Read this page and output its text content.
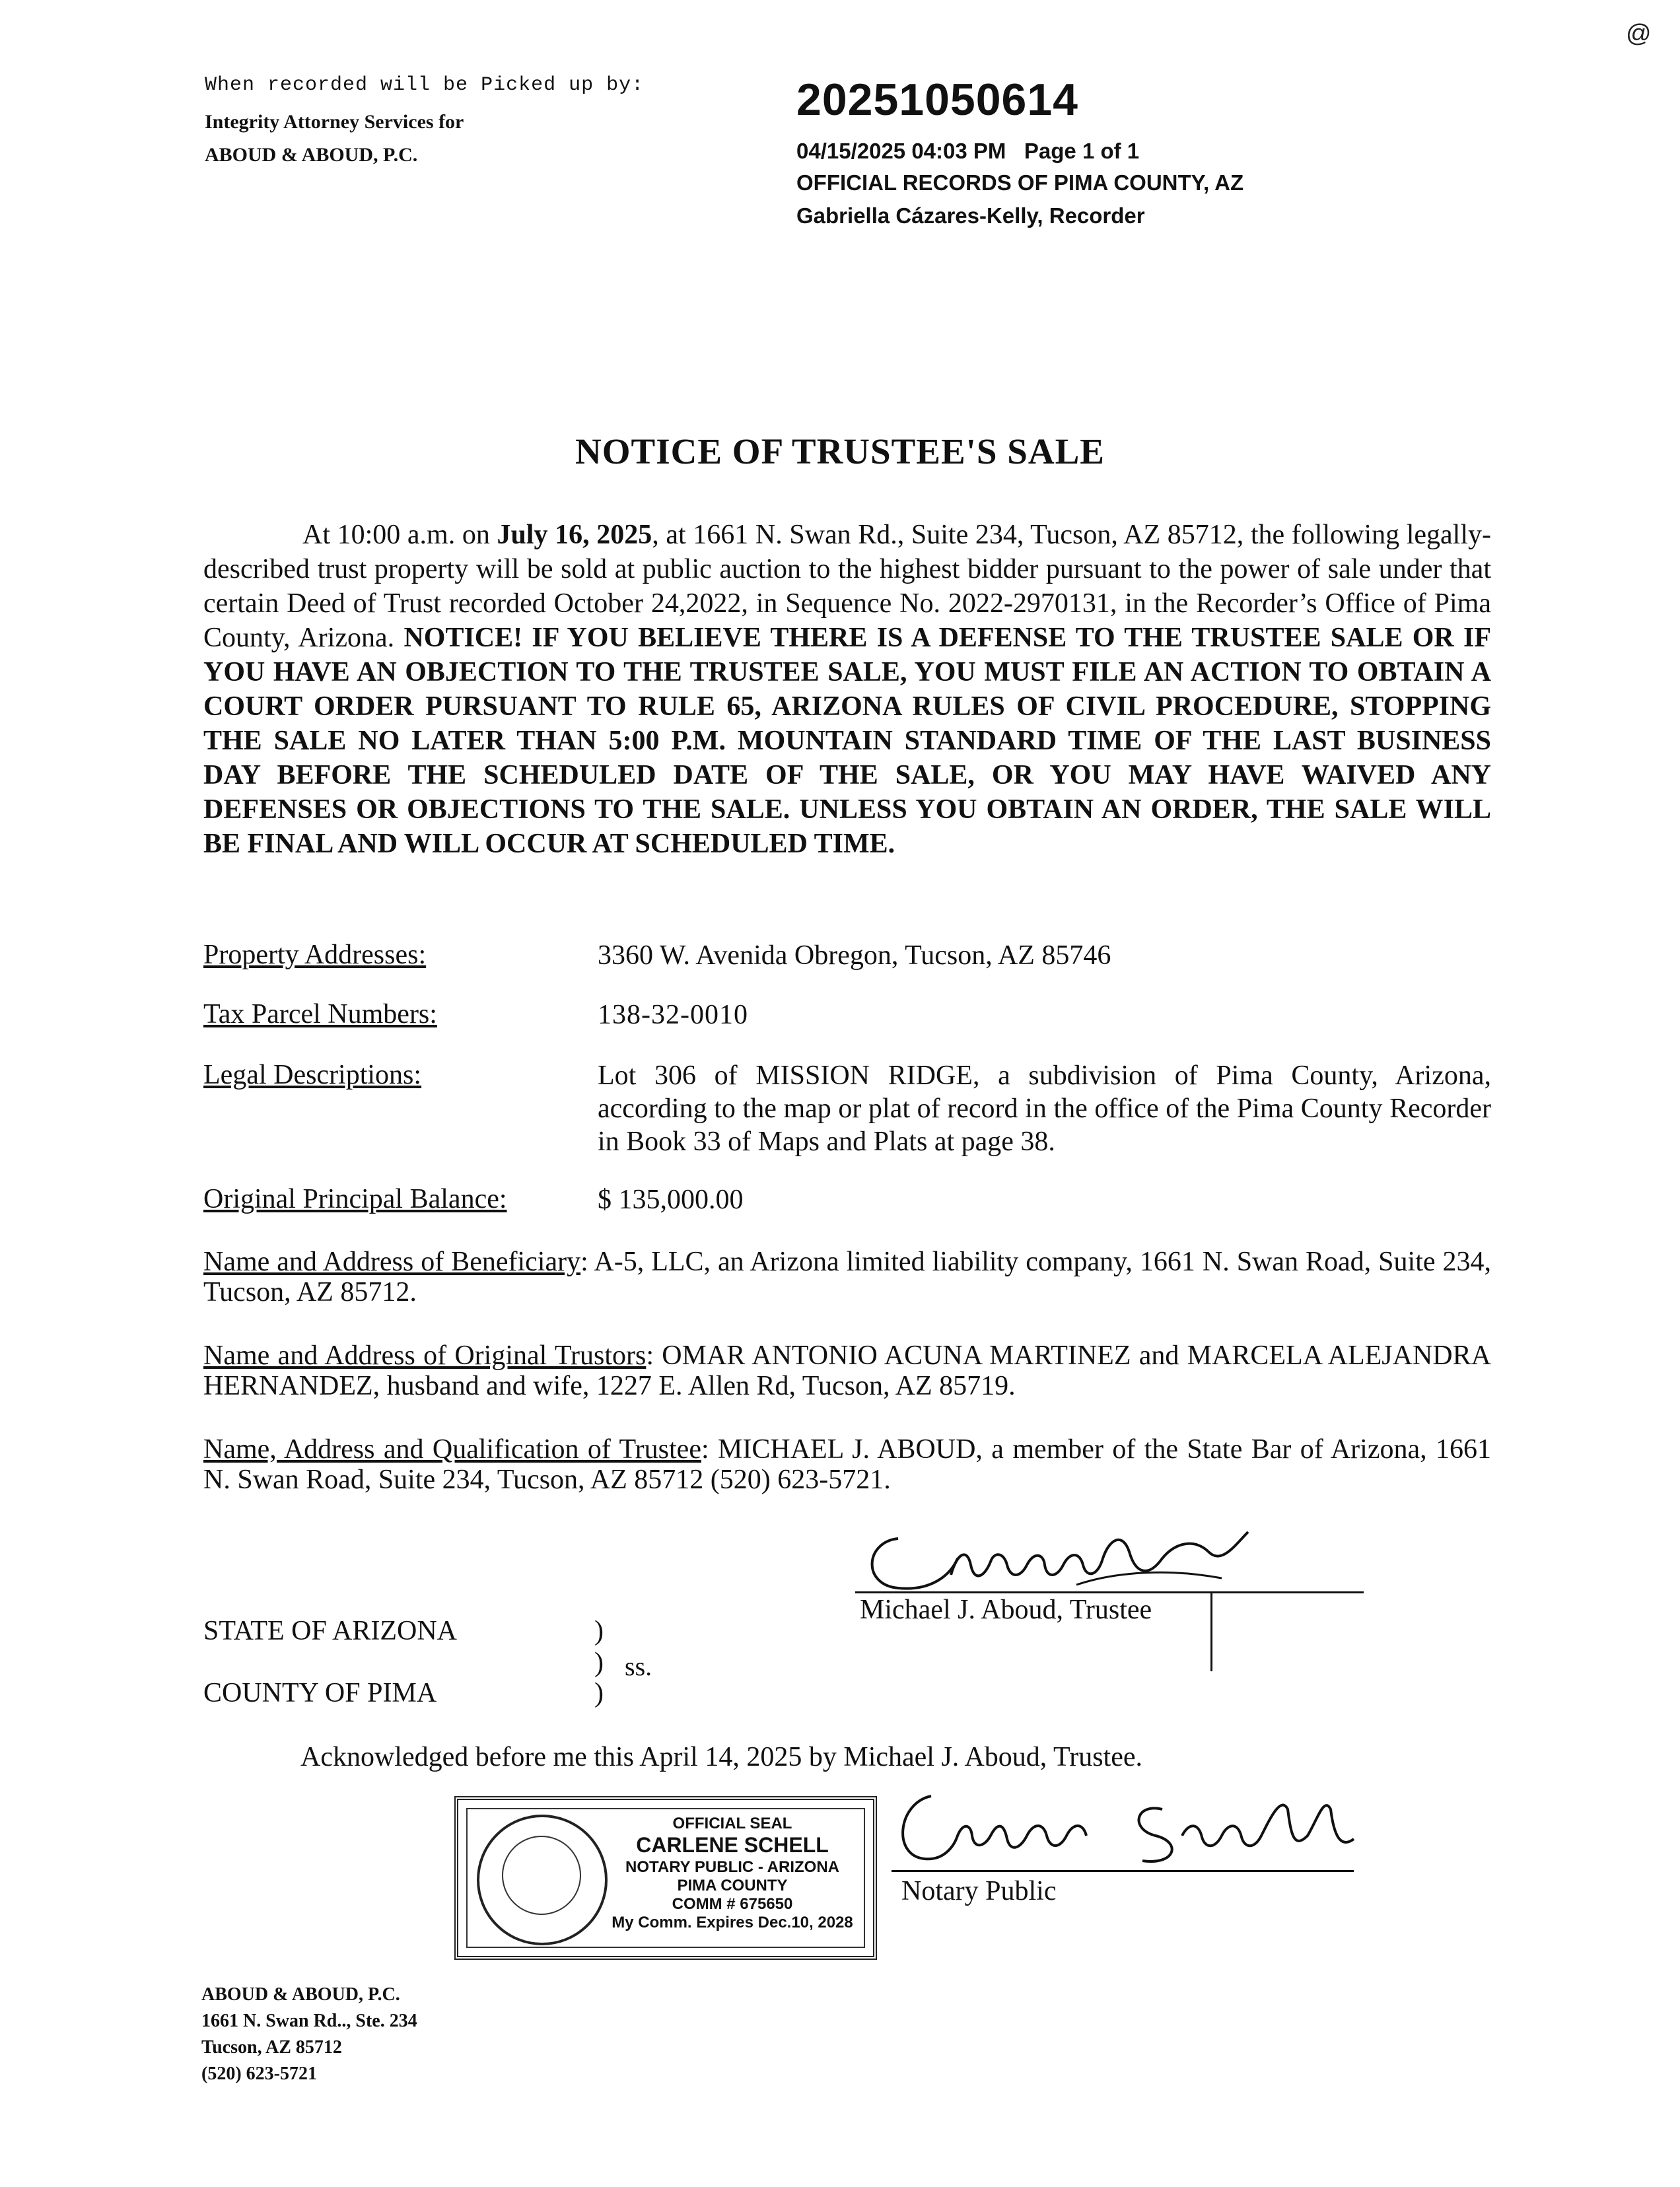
When recorded will be Picked up by:
Integrity Attorney Services for
ABOUD & ABOUD, P.C.
20251050614
04/15/2025 04:03 PM   Page 1 of 1
OFFICIAL RECORDS OF PIMA COUNTY, AZ
Gabriella Cázares-Kelly, Recorder
@
NOTICE OF TRUSTEE'S SALE
At 10:00 a.m. on July 16, 2025, at 1661 N. Swan Rd., Suite 234, Tucson, AZ 85712, the following legally-described trust property will be sold at public auction to the highest bidder pursuant to the power of sale under that certain Deed of Trust recorded October 24,2022, in Sequence No. 2022-2970131, in the Recorder’s Office of Pima County, Arizona. NOTICE! IF YOU BELIEVE THERE IS A DEFENSE TO THE TRUSTEE SALE OR IF YOU HAVE AN OBJECTION TO THE TRUSTEE SALE, YOU MUST FILE AN ACTION TO OBTAIN A COURT ORDER PURSUANT TO RULE 65, ARIZONA RULES OF CIVIL PROCEDURE, STOPPING THE SALE NO LATER THAN 5:00 P.M. MOUNTAIN STANDARD TIME OF THE LAST BUSINESS DAY BEFORE THE SCHEDULED DATE OF THE SALE, OR YOU MAY HAVE WAIVED ANY DEFENSES OR OBJECTIONS TO THE SALE. UNLESS YOU OBTAIN AN ORDER, THE SALE WILL BE FINAL AND WILL OCCUR AT SCHEDULED TIME.
Property Addresses:	3360 W. Avenida Obregon, Tucson, AZ 85746
Tax Parcel Numbers:	138-32-0010
Legal Descriptions:	Lot 306 of MISSION RIDGE, a subdivision of Pima County, Arizona, according to the map or plat of record in the office of the Pima County Recorder in Book 33 of Maps and Plats at page 38.
Original Principal Balance:	$ 135,000.00
Name and Address of Beneficiary: A-5, LLC, an Arizona limited liability company, 1661 N. Swan Road, Suite 234, Tucson, AZ 85712.
Name and Address of Original Trustors: OMAR ANTONIO ACUNA MARTINEZ and MARCELA ALEJANDRA HERNANDEZ, husband and wife, 1227 E. Allen Rd, Tucson, AZ 85719.
Name, Address and Qualification of Trustee: MICHAEL J. ABOUD, a member of the State Bar of Arizona, 1661 N. Swan Road, Suite 234, Tucson, AZ 85712 (520) 623-5721.
Michael J. Aboud, Trustee
STATE OF ARIZONA	)
)
)
ss.
COUNTY OF PIMA
Acknowledged before me this April 14, 2025 by Michael J. Aboud, Trustee.
OFFICIAL SEAL
CARLENE SCHELL
NOTARY PUBLIC - ARIZONA
PIMA COUNTY
COMM # 675650
My Comm. Expires Dec.10, 2028
Notary Public
ABOUD & ABOUD, P.C.
1661 N. Swan Rd.., Ste. 234
Tucson, AZ 85712
(520) 623-5721
